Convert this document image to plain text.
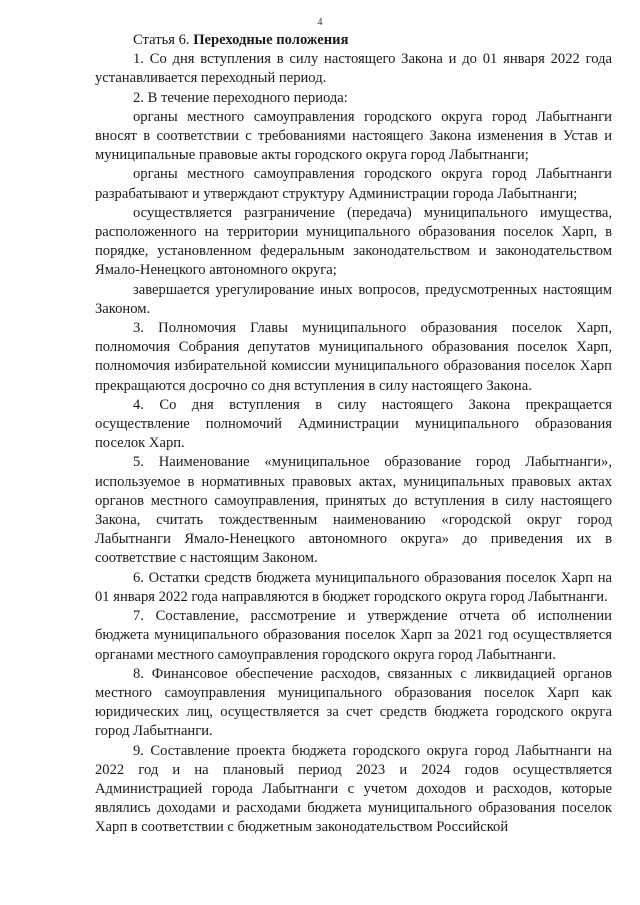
4

Статья 6. Переходные положения

1. Со дня вступления в силу настоящего Закона и до 01 января 2022 года устанавливается переходный период.

2. В течение переходного периода:

органы местного самоуправления городского округа город Лабытнанги вносят в соответствии с требованиями настоящего Закона изменения в Устав и муниципальные правовые акты городского округа город Лабытнанги;

органы местного самоуправления городского округа город Лабытнанги разрабатывают и утверждают структуру Администрации города Лабытнанги;

осуществляется разграничение (передача) муниципального имущества, расположенного на территории муниципального образования поселок Харп, в порядке, установленном федеральным законодательством и законодательством Ямало-Ненецкого автономного округа;

завершается урегулирование иных вопросов, предусмотренных настоящим Законом.

3. Полномочия Главы муниципального образования поселок Харп, полномочия Собрания депутатов муниципального образования поселок Харп, полномочия избирательной комиссии муниципального образования поселок Харп прекращаются досрочно со дня вступления в силу настоящего Закона.

4. Со дня вступления в силу настоящего Закона прекращается осуществление полномочий Администрации муниципального образования поселок Харп.

5. Наименование «муниципальное образование город Лабытнанги», используемое в нормативных правовых актах, муниципальных правовых актах органов местного самоуправления, принятых до вступления в силу настоящего Закона, считать тождественным наименованию «городской округ город Лабытнанги Ямало-Ненецкого автономного округа» до приведения их в соответствие с настоящим Законом.

6. Остатки средств бюджета муниципального образования поселок Харп на 01 января 2022 года направляются в бюджет городского округа город Лабытнанги.

7. Составление, рассмотрение и утверждение отчета об исполнении бюджета муниципального образования поселок Харп за 2021 год осуществляется органами местного самоуправления городского округа город Лабытнанги.

8. Финансовое обеспечение расходов, связанных с ликвидацией органов местного самоуправления муниципального образования поселок Харп как юридических лиц, осуществляется за счет средств бюджета городского округа город Лабытнанги.

9. Составление проекта бюджета городского округа город Лабытнанги на 2022 год и на плановый период 2023 и 2024 годов осуществляется Администрацией города Лабытнанги с учетом доходов и расходов, которые являлись доходами и расходами бюджета муниципального образования поселок Харп в соответствии с бюджетным законодательством Российской
